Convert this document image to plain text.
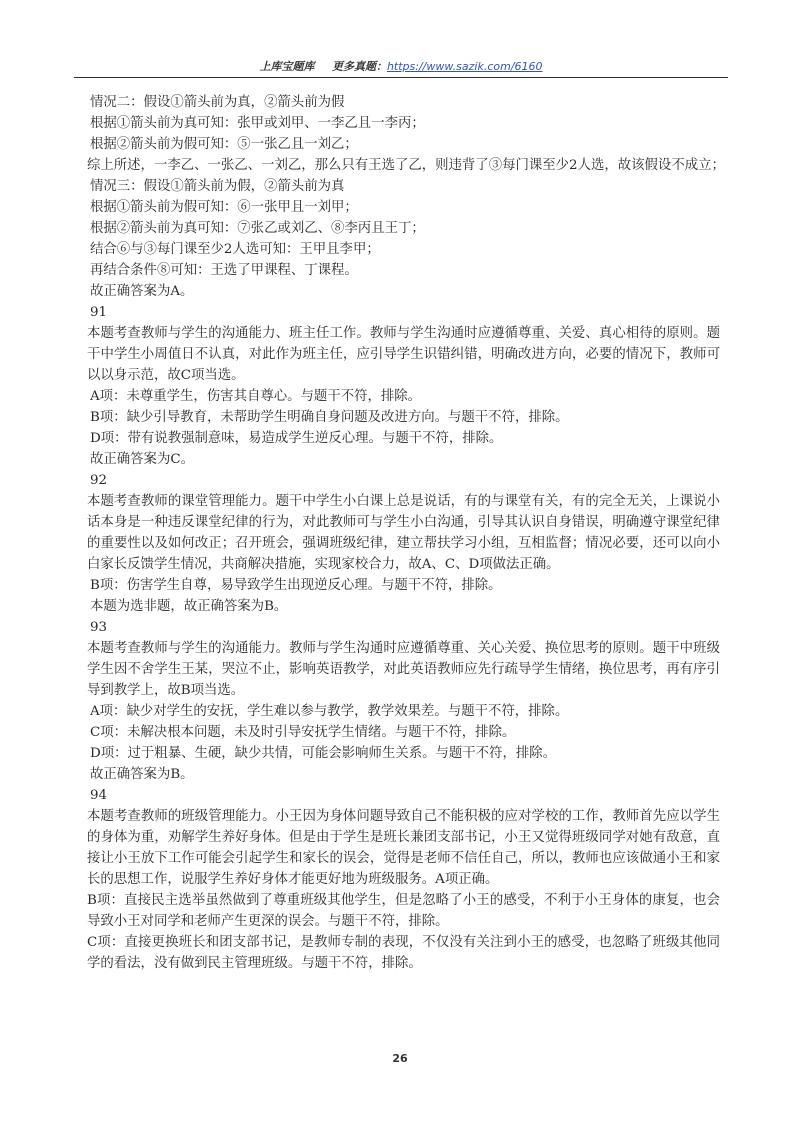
上库宝题库 更多真题：https://www.sazik.com/6160

情况二：假设①箭头前为真，②箭头前为假

根据①箭头前为真可知：张甲或刘甲、一李乙且一李丙；

根据②箭头前为假可知：⑤一张乙且一刘乙；

综上所述，一李乙、一张乙、一刘乙，那么只有王选了乙，则违背了③每门课至少2人选，故该假设不成立；

情况三：假设①箭头前为假，②箭头前为真

根据①箭头前为假可知：⑥一张甲且一刘甲；

根据②箭头前为真可知：⑦张乙或刘乙、⑧李丙且王丁；

结合⑥与③每门课至少2人选可知：王甲且李甲；

再结合条件⑧可知：王选了甲课程、丁课程。

故正确答案为A。

91

本题考查教师与学生的沟通能力、班主任工作。教师与学生沟通时应遵循尊重、关爱、真心相待的原则。题干中学生小周值日不认真，对此作为班主任，应引导学生识错纠错，明确改进方向，必要的情况下，教师可以以身示范，故C项当选。

A项：未尊重学生，伤害其自尊心。与题干不符，排除。

B项：缺少引导教育，未帮助学生明确自身问题及改进方向。与题干不符，排除。

D项：带有说教强制意味，易造成学生逆反心理。与题干不符，排除。

故正确答案为C。

92

本题考查教师的课堂管理能力。题干中学生小白课上总是说话，有的与课堂有关，有的完全无关，上课说小话本身是一种违反课堂纪律的行为，对此教师可与学生小白沟通，引导其认识自身错误，明确遵守课堂纪律的重要性以及如何改正；召开班会，强调班级纪律，建立帮扶学习小组，互相监督；情况必要，还可以向小白家长反馈学生情况，共商解决措施，实现家校合力，故A、C、D项做法正确。

B项：伤害学生自尊，易导致学生出现逆反心理。与题干不符，排除。

本题为选非题，故正确答案为B。

93

本题考查教师与学生的沟通能力。教师与学生沟通时应遵循尊重、关心关爱、换位思考的原则。题干中班级学生因不舍学生王某，哭泣不止，影响英语教学，对此英语教师应先行疏导学生情绪，换位思考，再有序引导到教学上，故B项当选。

A项：缺少对学生的安抚，学生难以参与教学，教学效果差。与题干不符，排除。

C项：未解决根本问题，未及时引导安抚学生情绪。与题干不符，排除。

D项：过于粗暴、生硬，缺少共情，可能会影响师生关系。与题干不符，排除。

故正确答案为B。

94

本题考查教师的班级管理能力。小王因为身体问题导致自己不能积极的应对学校的工作，教师首先应以学生的身体为重，劝解学生养好身体。但是由于学生是班长兼团支部书记，小王又觉得班级同学对她有敌意，直接让小王放下工作可能会引起学生和家长的误会，觉得是老师不信任自己，所以，教师也应该做通小王和家长的思想工作，说服学生养好身体才能更好地为班级服务。A项正确。

B项：直接民主选举虽然做到了尊重班级其他学生，但是忽略了小王的感受，不利于小王身体的康复，也会导致小王对同学和老师产生更深的误会。与题干不符，排除。

C项：直接更换班长和团支部书记，是教师专制的表现，不仅没有关注到小王的感受，也忽略了班级其他同学的看法，没有做到民主管理班级。与题干不符，排除。

26
